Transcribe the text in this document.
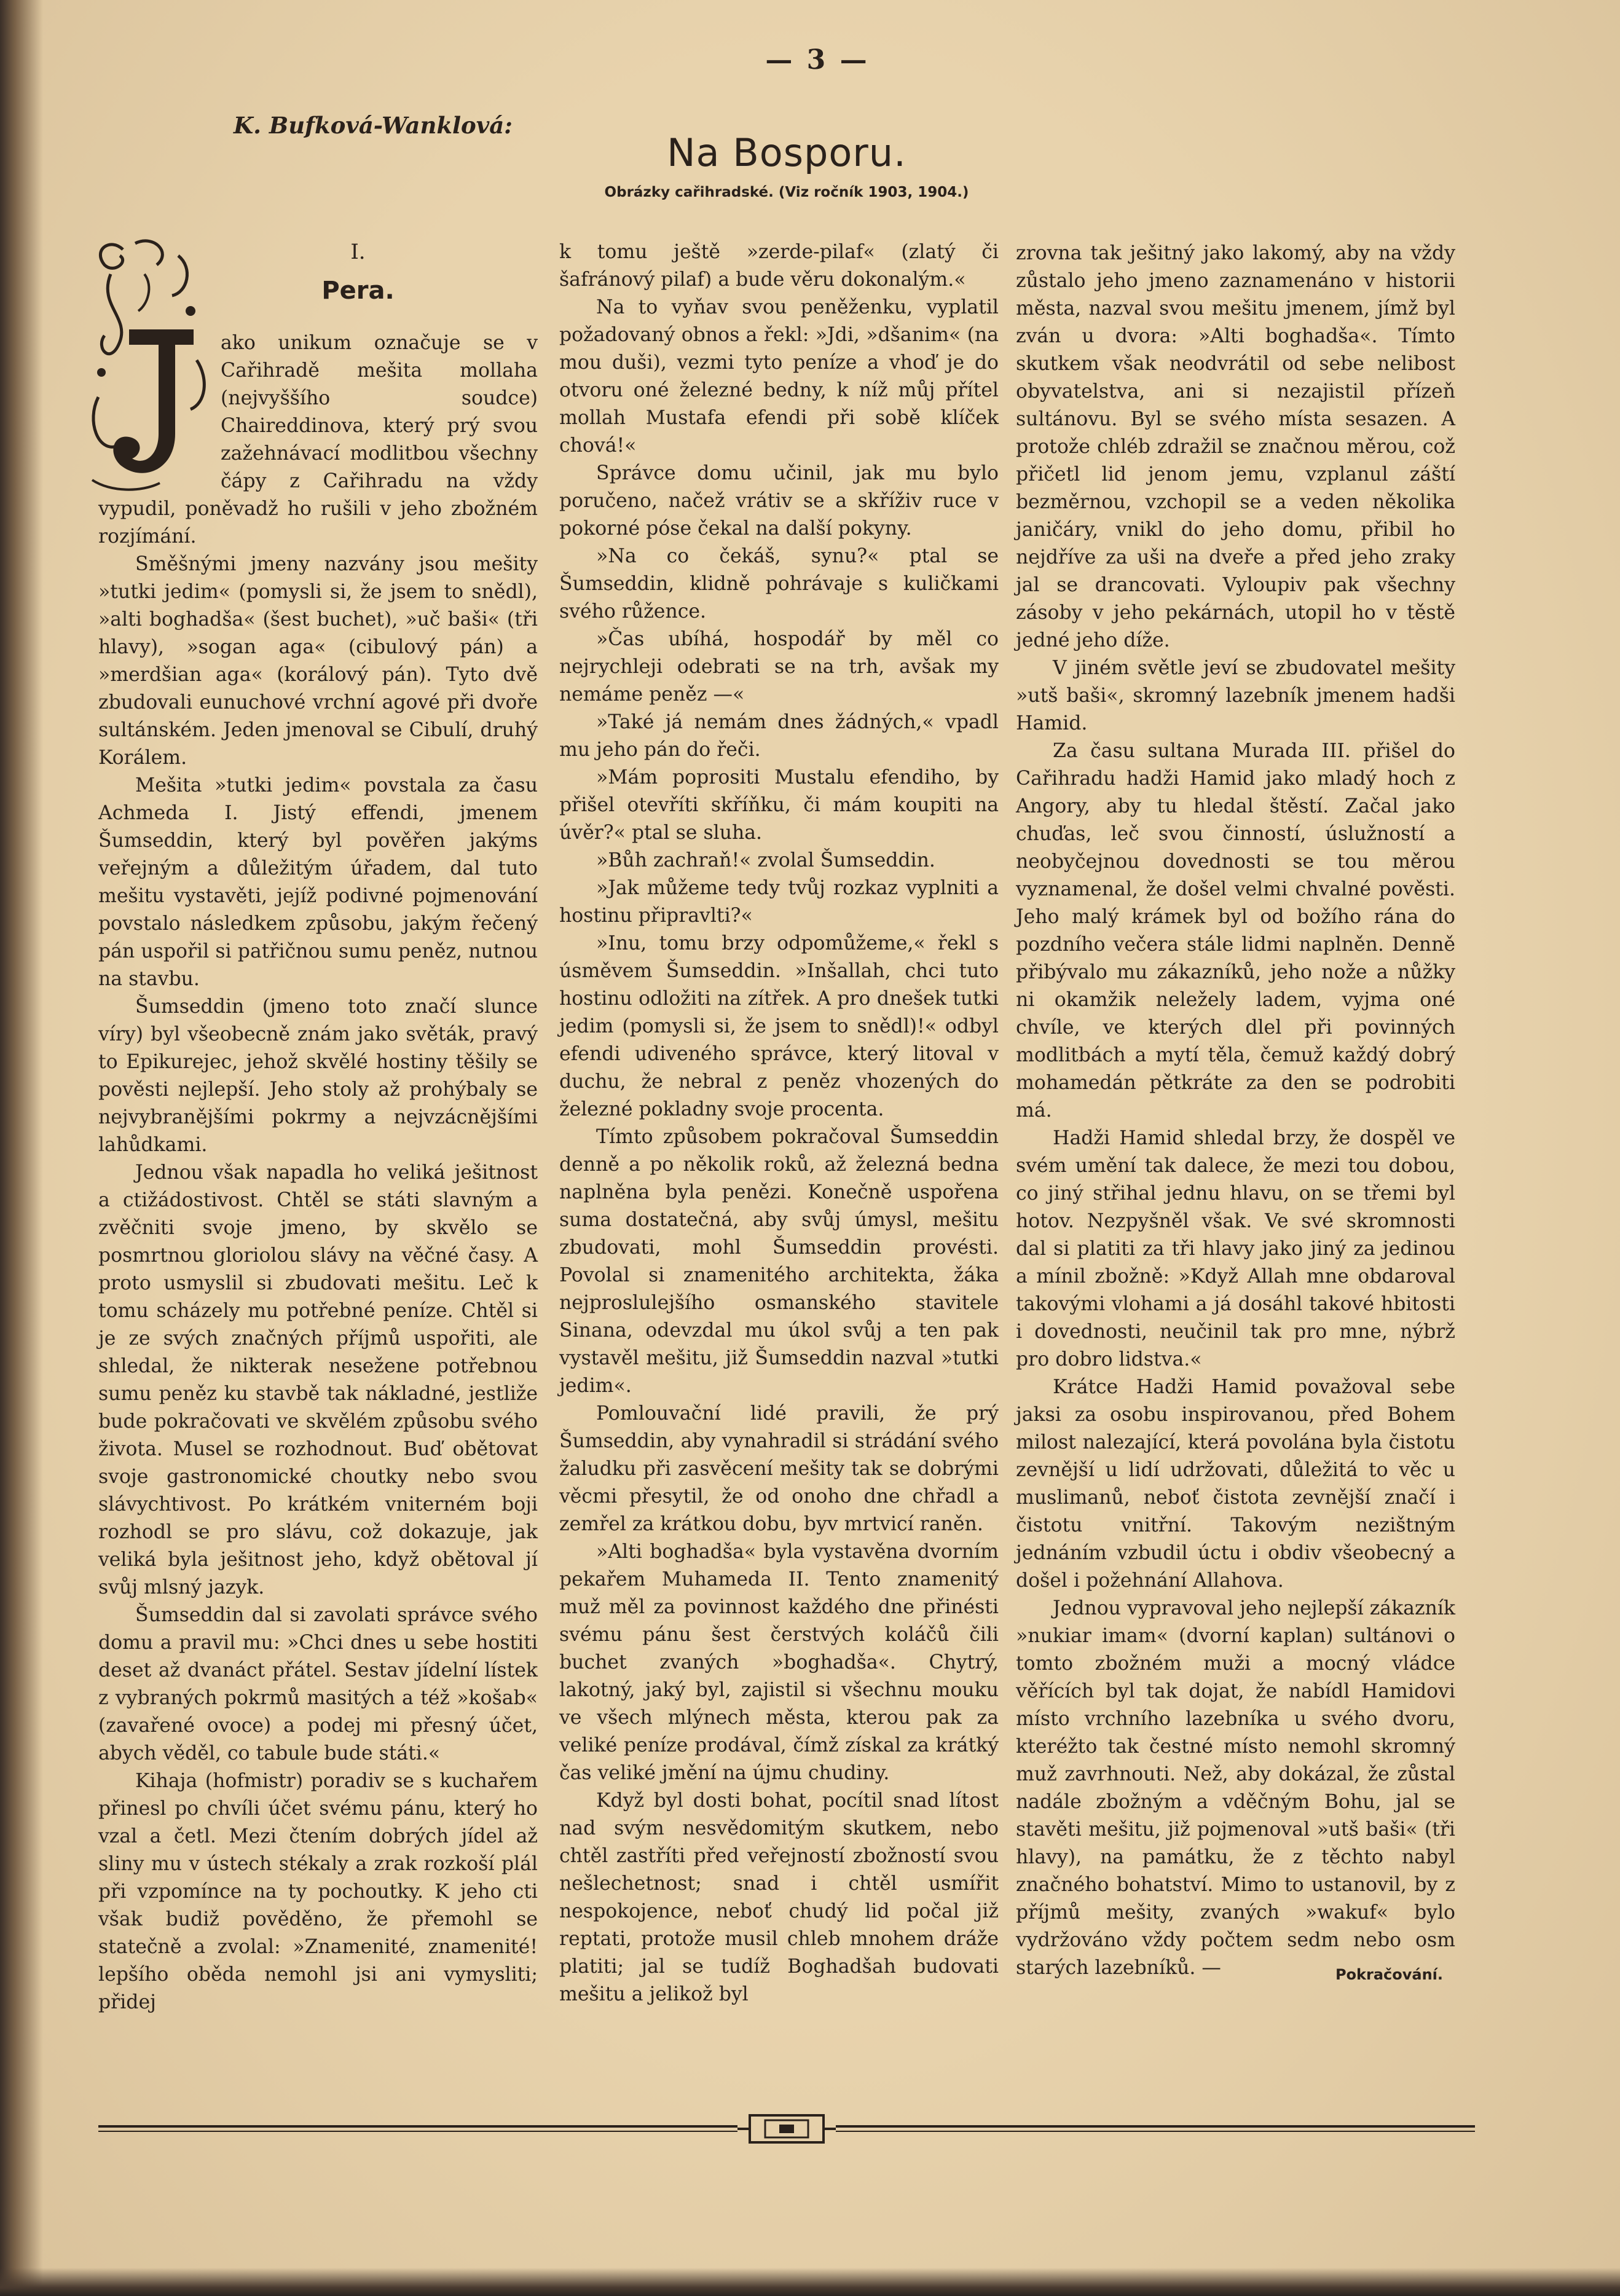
— 3 —
K. Bufková-Wanklová:
Na Bosporu.
Obrázky cařihradské. (Viz ročník 1903, 1904.)
I.
Pera.

ako unikum označuje se v Cařihradě mešita mollaha (nejvyššího soudce) Chaireddinova, který prý svou zažehnávací modlitbou všechny čápy z Cařihradu na vždy vypudil, poněvadž ho rušili v jeho zbožném rozjímání.

Směšnými jmeny nazvány jsou mešity »tutki jedim« (pomysli si, že jsem to snědl), »alti boghadša« (šest buchet), »uč baši« (tři hlavy), »sogan aga« (cibulový pán) a »merdšian aga« (korálový pán). Tyto dvě zbudovali eunuchové vrchní agové při dvoře sultánském. Jeden jmenoval se Cibulí, druhý Korálem.

Mešita »tutki jedim« povstala za času Achmeda I. Jistý effendi, jmenem Šumseddin, který byl pověřen jakýms veřejným a důležitým úřadem, dal tuto mešitu vystavěti, jejíž podivné pojmenování povstalo následkem způsobu, jakým řečený pán uspořil si patřičnou sumu peněz, nutnou na stavbu.

Šumseddin (jmeno toto značí slunce víry) byl všeobecně znám jako světák, pravý to Epikurejec, jehož skvělé hostiny těšily se pověsti nejlepší. Jeho stoly až prohýbaly se nejvybranějšími pokrmy a nejvzácnějšími lahůdkami.

Jednou však napadla ho veliká ješitnost a ctižádostivost. Chtěl se státi slavným a zvěčniti svoje jmeno, by skvělo se posmrtnou gloriolou slávy na věčné časy. A proto usmyslil si zbudovati mešitu. Leč k tomu scházely mu potřebné peníze. Chtěl si je ze svých značných příjmů uspořiti, ale shledal, že nikterak nesežene potřebnou sumu peněz ku stavbě tak nákladné, jestliže bude pokračovati ve skvělém způsobu svého života. Musel se rozhodnout. Buď obětovat svoje gastronomické choutky nebo svou slávychtivost. Po krátkém vniterném boji rozhodl se pro slávu, což dokazuje, jak veliká byla ješitnost jeho, když obětoval jí svůj mlsný jazyk.

Šumseddin dal si zavolati správce svého domu a pravil mu: »Chci dnes u sebe hostiti deset až dvanáct přátel. Sestav jídelní lístek z vybraných pokrmů masitých a též »košab« (zavařené ovoce) a podej mi přesný účet, abych věděl, co tabule bude státi.«

Kihaja (hofmistr) poradiv se s kuchařem přinesl po chvíli účet svému pánu, který ho vzal a četl. Mezi čtením dobrých jídel až sliny mu v ústech stékaly a zrak rozkoší plál při vzpomínce na ty pochoutky. K jeho cti však budiž pověděno, že přemohl se statečně a zvolal: »Znamenité, znamenité! lepšího oběda nemohl jsi ani vymysliti; přidej

k tomu ještě »zerde-pilaf« (zlatý či šafránový pilaf) a bude věru dokonalým.«

Na to vyňav svou peněženku, vyplatil požadovaný obnos a řekl: »Jdi, »dšanim« (na mou duši), vezmi tyto peníze a vhoď je do otvoru oné železné bedny, k níž můj přítel mollah Mustafa efendi při sobě klíček chová!«

Správce domu učinil, jak mu bylo poručeno, načež vrátiv se a skříživ ruce v pokorné póse čekal na další pokyny.

»Na co čekáš, synu?« ptal se Šumseddin, klidně pohrávaje s kuličkami svého růžence.

»Čas ubíhá, hospodář by měl co nejrychleji odebrati se na trh, avšak my nemáme peněz —«

»Také já nemám dnes žádných,« vpadl mu jeho pán do řeči.

»Mám poprositi Mustalu efendiho, by přišel otevříti skříňku, či mám koupiti na úvěr?« ptal se sluha.

»Bůh zachraň!« zvolal Šumseddin.

»Jak můžeme tedy tvůj rozkaz vyplniti a hostinu připravlti?«

»Inu, tomu brzy odpomůžeme,« řekl s úsměvem Šumseddin. »Inšallah, chci tuto hostinu odložiti na zítřek. A pro dnešek tutki jedim (pomysli si, že jsem to snědl)!« odbyl efendi udiveného správce, který litoval v duchu, že nebral z peněz vhozených do železné pokladny svoje procenta.

Tímto způsobem pokračoval Šumseddin denně a po několik roků, až železná bedna naplněna byla penězi. Konečně uspořena suma dostatečná, aby svůj úmysl, mešitu zbudovati, mohl Šumseddin provésti. Povolal si znamenitého architekta, žáka nejproslulejšího osmanského stavitele Sinana, odevzdal mu úkol svůj a ten pak vystavěl mešitu, již Šumseddin nazval »tutki jedim«.

Pomlouvační lidé pravili, že prý Šumseddin, aby vynahradil si strádání svého žaludku při zasvěcení mešity tak se dobrými věcmi přesytil, že od onoho dne chřadl a zemřel za krátkou dobu, byv mrtvicí raněn.

»Alti boghadša« byla vystavěna dvorním pekařem Muhameda II. Tento znamenitý muž měl za povinnost každého dne přinésti svému pánu šest čerstvých koláčů čili buchet zvaných »boghadša«. Chytrý, lakotný, jaký byl, zajistil si všechnu mouku ve všech mlýnech města, kterou pak za veliké peníze prodával, čímž získal za krátký čas veliké jmění na újmu chudiny.

Když byl dosti bohat, pocítil snad lítost nad svým nesvědomitým skutkem, nebo chtěl zastříti před veřejností zbožností svou nešlechetnost; snad i chtěl usmířit nespokojence, neboť chudý lid počal již reptati, protože musil chleb mnohem dráže platiti; jal se tudíž Boghadšah budovati mešitu a jelikož byl

zrovna tak ješitný jako lakomý, aby na vždy zůstalo jeho jmeno zaznamenáno v historii města, nazval svou mešitu jmenem, jímž byl zván u dvora: »Alti boghadša«. Tímto skutkem však neodvrátil od sebe nelibost obyvatelstva, ani si nezajistil přízeň sultánovu. Byl se svého místa sesazen. A protože chléb zdražil se značnou měrou, což přičetl lid jenom jemu, vzplanul záští bezměrnou, vzchopil se a veden několika janičáry, vnikl do jeho domu, přibil ho nejdříve za uši na dveře a před jeho zraky jal se drancovati. Vyloupiv pak všechny zásoby v jeho pekárnách, utopil ho v těstě jedné jeho díže.

V jiném světle jeví se zbudovatel mešity »utš baši«, skromný lazebník jmenem hadši Hamid.

Za času sultana Murada III. přišel do Cařihradu hadži Hamid jako mladý hoch z Angory, aby tu hledal štěstí. Začal jako chuďas, leč svou činností, úslužností a neobyčejnou dovednosti se tou měrou vyznamenal, že došel velmi chvalné pověsti. Jeho malý krámek byl od božího rána do pozdního večera stále lidmi naplněn. Denně přibývalo mu zákazníků, jeho nože a nůžky ni okamžik neležely ladem, vyjma oné chvíle, ve kterých dlel při povinných modlitbách a mytí těla, čemuž každý dobrý mohamedán pětkráte za den se podrobiti má.

Hadži Hamid shledal brzy, že dospěl ve svém umění tak dalece, že mezi tou dobou, co jiný střihal jednu hlavu, on se třemi byl hotov. Nezpyšněl však. Ve své skromnosti dal si platiti za tři hlavy jako jiný za jedinou a mínil zbožně: »Když Allah mne obdaroval takovými vlohami a já dosáhl takové hbitosti i dovednosti, neučinil tak pro mne, nýbrž pro dobro lidstva.«

Krátce Hadži Hamid považoval sebe jaksi za osobu inspirovanou, před Bohem milost nalezající, která povolána byla čistotu zevnější u lidí udržovati, důležitá to věc u muslimanů, neboť čistota zevnější značí i čistotu vnitřní. Takovým nezištným jednáním vzbudil úctu i obdiv všeobecný a došel i požehnání Allahova.

Jednou vypravoval jeho nejlepší zákazník »nukiar imam« (dvorní kaplan) sultánovi o tomto zbožném muži a mocný vládce věřících byl tak dojat, že nabídl Hamidovi místo vrchního lazebníka u svého dvoru, kteréžto tak čestné místo nemohl skromný muž zavrhnouti. Než, aby dokázal, že zůstal nadále zbožným a vděčným Bohu, jal se stavěti mešitu, již pojmenoval »utš baši« (tři hlavy), na památku, že z těchto nabyl značného bohatství. Mimo to ustanovil, by z příjmů mešity, zvaných »wakuf« bylo vydržováno vždy počtem sedm nebo osm starých lazebníků. —	Pokračování.
